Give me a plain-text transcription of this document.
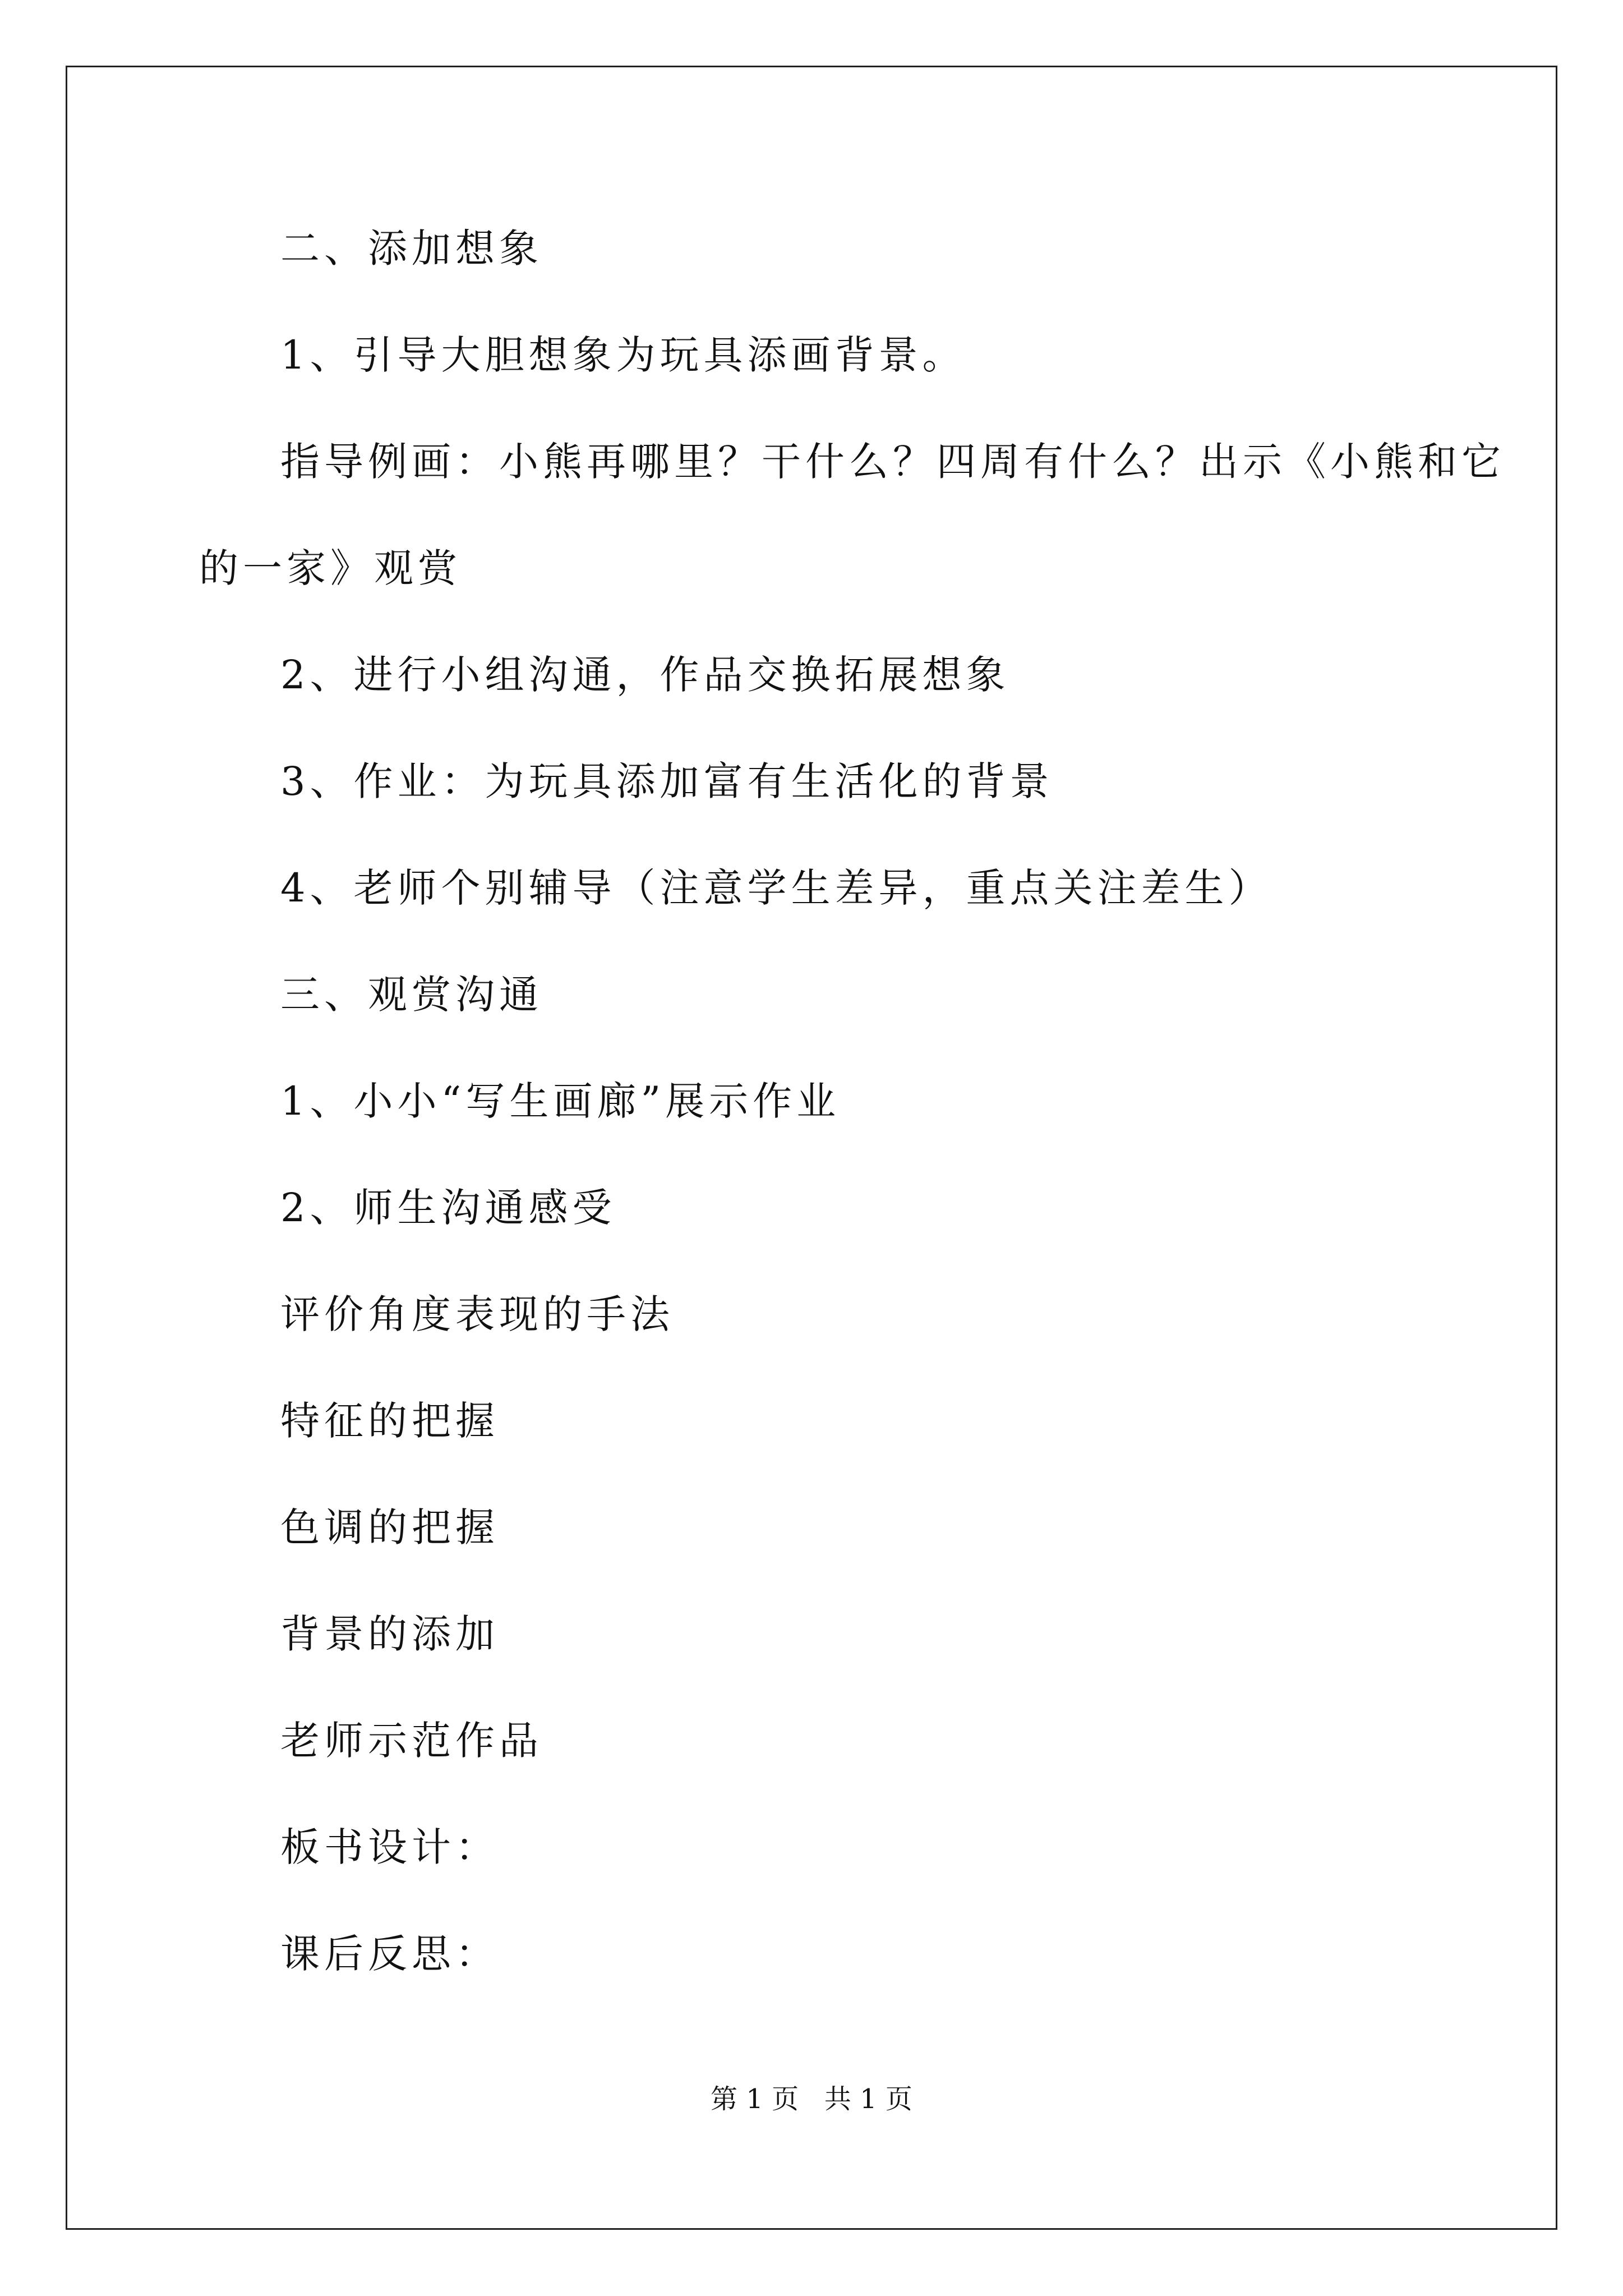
二、添加想象
1、引导大胆想象为玩具添画背景。
指导例画：小熊再哪里？干什么？四周有什么？出示《小熊和它
的一家》观赏
2、进行小组沟通，作品交换拓展想象
3、作业：为玩具添加富有生活化的背景
4、老师个别辅导（注意学生差异，重点关注差生）
三、观赏沟通
1、小小“写生画廊”展示作业
2、师生沟通感受
评价角度表现的手法
特征的把握
色调的把握
背景的添加
老师示范作品
板书设计：
课后反思：
第 1 页   共 1 页
